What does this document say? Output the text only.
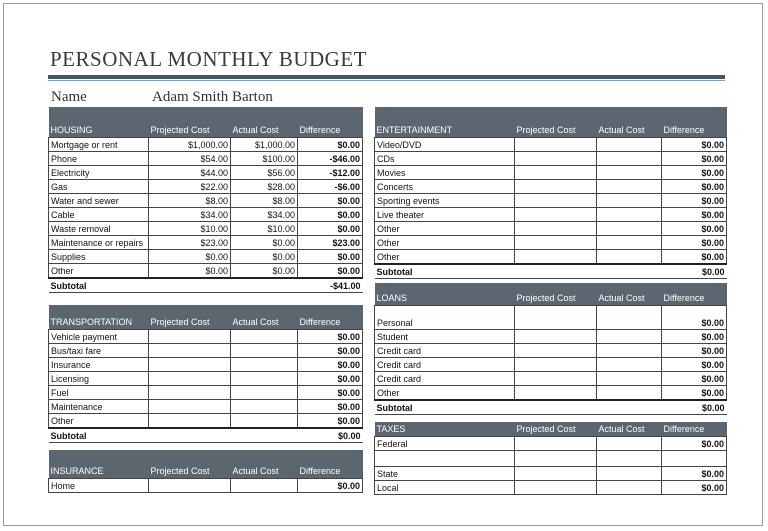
PERSONAL MONTHLY BUDGET
Name	Adam Smith Barton
HOUSING	Projected Cost	Actual Cost	Difference
Mortgage or rent	$1,000.00	$1,000.00	$0.00
Phone	$54.00	$100.00	-$46.00
Electricity	$44.00	$56.00	-$12.00
Gas	$22.00	$28.00	-$6.00
Water and sewer	$8.00	$8.00	$0.00
Cable	$34.00	$34.00	$0.00
Waste removal	$10.00	$10.00	$0.00
Maintenance or repairs	$23.00	$0.00	$23.00
Supplies	$0.00	$0.00	$0.00
Other	$0.00	$0.00	$0.00
Subtotal			-$41.00
TRANSPORTATION	Projected Cost	Actual Cost	Difference
Vehicle payment			$0.00
Bus/taxi fare			$0.00
Insurance			$0.00
Licensing			$0.00
Fuel			$0.00
Maintenance			$0.00
Other			$0.00
Subtotal			$0.00
INSURANCE	Projected Cost	Actual Cost	Difference
Home			$0.00
ENTERTAINMENT	Projected Cost	Actual Cost	Difference
Video/DVD			$0.00
CDs			$0.00
Movies			$0.00
Concerts			$0.00
Sporting events			$0.00
Live theater			$0.00
Other			$0.00
Other			$0.00
Other			$0.00
Subtotal			$0.00
LOANS	Projected Cost	Actual Cost	Difference
Personal			$0.00
Student			$0.00
Credit card			$0.00
Credit card			$0.00
Credit card			$0.00
Other			$0.00
Subtotal			$0.00
TAXES	Projected Cost	Actual Cost	Difference
Federal			$0.00

State			$0.00
Local			$0.00
